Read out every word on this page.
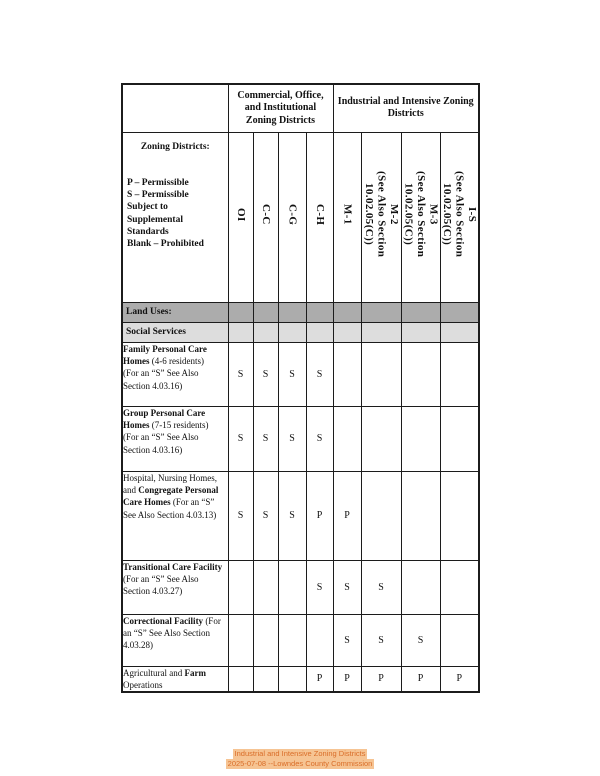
	Commercial, Office, and Institutional Zoning Districts				Industrial and Intensive Zoning Districts			

Zoning Districts:
P – Permissible
S – Permissible
Subject to
Supplemental
Standards
Blank – Prohibited
	OI	C-C	C-G	C-H	M-1	M-2
(See Also Section
10.02.05(C))	M-3
(See Also Section
10.02.05(C))	I-S
(See Also Section
10.02.05(C))
Land Uses:								
Social Services								
Family Personal Care Homes (4-6 residents)
(For an “S” See Also Section 4.03.16)	S	S	S	S				
Group Personal Care Homes (7-15 residents)
(For an “S” See Also Section 4.03.16)	S	S	S	S				
Hospital, Nursing Homes, and Congregate Personal Care Homes (For an “S” See Also Section 4.03.13)	S	S	S	P	P			
Transitional Care Facility (For an “S” See Also Section 4.03.27)				S	S	S		
Correctional Facility (For an “S” See Also Section 4.03.28)					S	S	S	
Agricultural and Farm Operations				P	P	P	P	P
Industrial and Intensive Zoning Districts
2025-07-08 --Lowndes County Commission
